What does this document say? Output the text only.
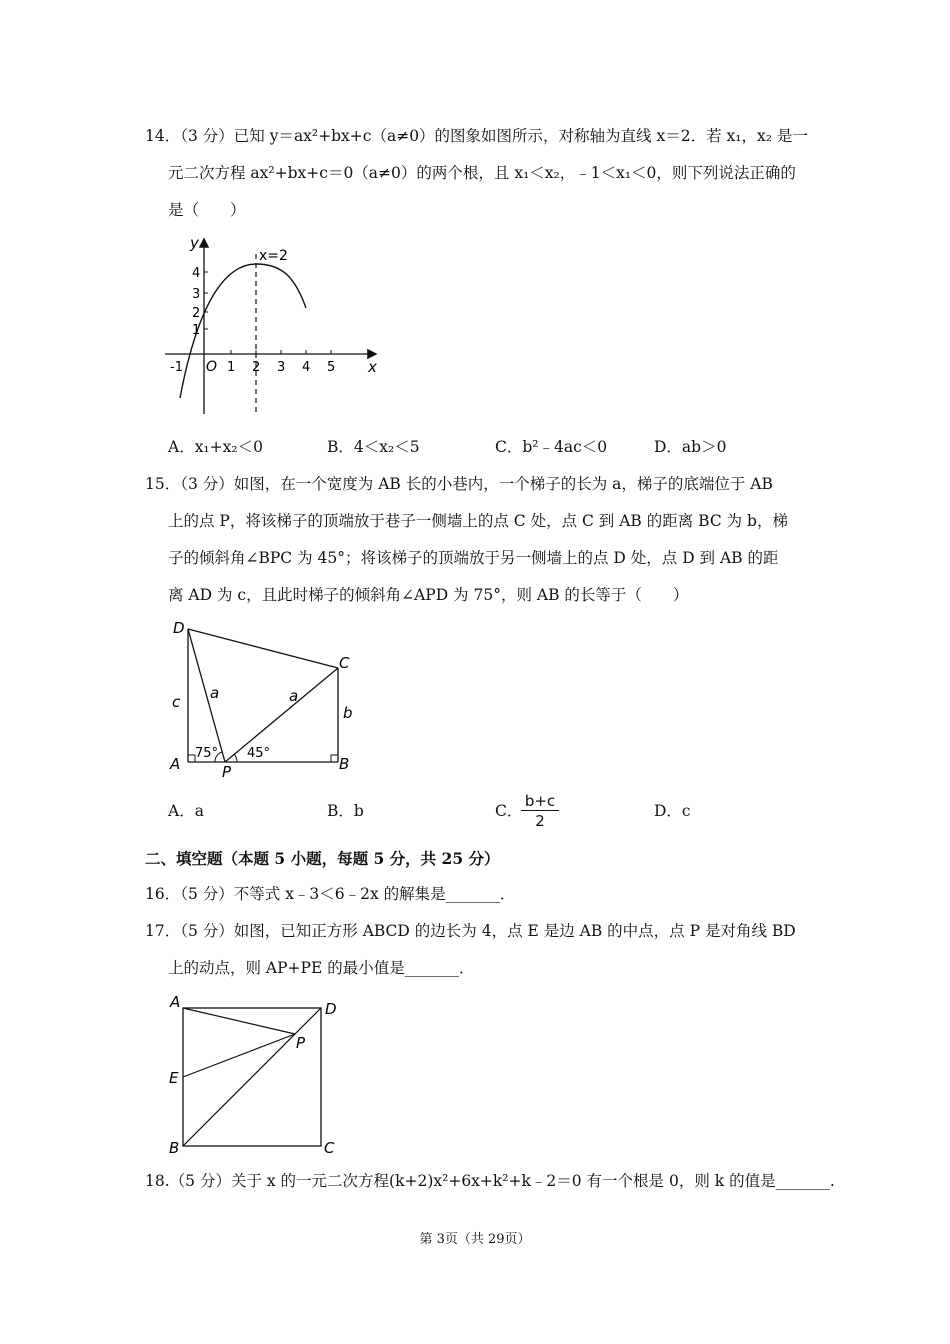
14．（3 分）已知 y＝ax²+bx+c（a≠0）的图象如图所示，对称轴为直线 x＝2．若 x₁，x₂ 是一
元二次方程 ax²+bx+c＝0（a≠0）的两个根，且 x₁＜x₂，﹣1＜x₁＜0，则下列说法正确的
是（　　）
y
x
O
x=2
-1	1 2 3 4 5
1
2
3
4
A．x₁+x₂＜0	B．4＜x₂＜5	C．b²﹣4ac＜0	D．ab＞0
15．（3 分）如图，在一个宽度为 AB 长的小巷内，一个梯子的长为 a，梯子的底端位于 AB
上的点 P，将该梯子的顶端放于巷子一侧墙上的点 C 处，点 C 到 AB 的距离 BC 为 b，梯
子的倾斜角∠BPC 为 45°；将该梯子的顶端放于另一侧墙上的点 D 处，点 D 到 AB 的距
离 AD 为 c，且此时梯子的倾斜角∠APD 为 75°，则 AB 的长等于（　　）
D
C
A	B
P
c
b
a	a
75° 45°
A．a	B．b	C．
$\frac{b+c}{2}$	D．c
二、填空题（本题 5 小题，每题 5 分，共 25 分）
16．（5 分）不等式 x﹣3＜6﹣2x 的解集是_______．
17．（5 分）如图，已知正方形 ABCD 的边长为 4，点 E 是边 AB 的中点，点 P 是对角线 BD
上的动点，则 AP+PE 的最小值是_______．
A	D
P
E
B	C
18.（5 分）关于 x 的一元二次方程(k+2)x²+6x+k²+k﹣2＝0 有一个根是 0，则 k 的值是_______.
第 3页（共 29页）
